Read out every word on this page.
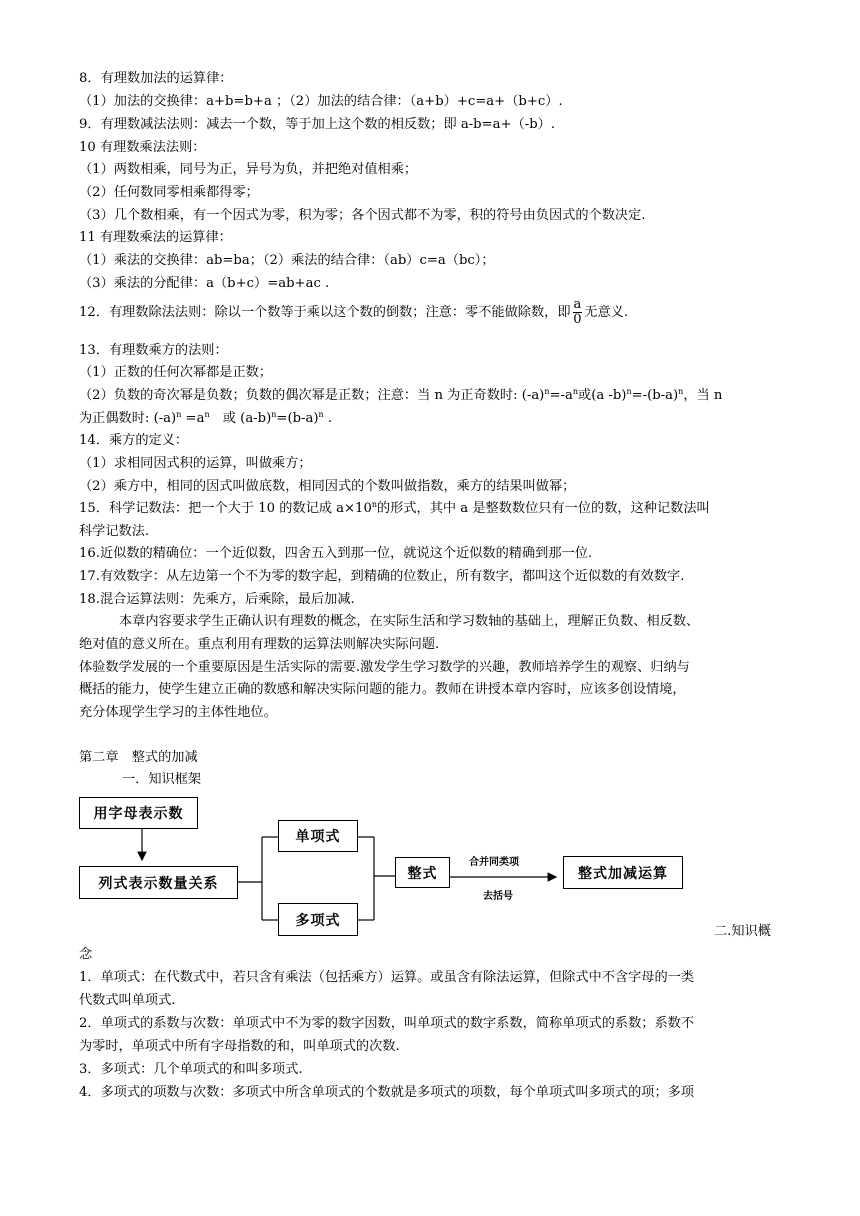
8．有理数加法的运算律：
（1）加法的交换律：a+b=b+a ；（2）加法的结合律：（a+b）+c=a+（b+c）.
9．有理数减法法则：减去一个数，等于加上这个数的相反数；即 a-b=a+（-b）.
10 有理数乘法法则：
（1）两数相乘，同号为正，异号为负，并把绝对值相乘；
（2）任何数同零相乘都得零；
（3）几个数相乘，有一个因式为零，积为零；各个因式都不为零，积的符号由负因式的个数决定.
11 有理数乘法的运算律：
（1）乘法的交换律：ab=ba；（2）乘法的结合律：（ab）c=a（bc）；
（3）乘法的分配律：a（b+c）=ab+ac .
12．有理数除法法则：除以一个数等于乘以这个数的倒数；注意：零不能做除数，即 $\frac{a}{0}$ 无意义.
13．有理数乘方的法则：
（1）正数的任何次幂都是正数；
（2）负数的奇次幂是负数；负数的偶次幂是正数；注意：当 n 为正奇数时: $(-a)^n=-a^n$或(a $-b)^n=-(b-a)^n$，当 n
为正偶数时: $(-a)^n =a^n$　或 $(a-b)^n=(b-a)^n$ .
14．乘方的定义：
（1）求相同因式积的运算，叫做乘方；
（2）乘方中，相同的因式叫做底数，相同因式的个数叫做指数，乘方的结果叫做幂；
15．科学记数法：把一个大于 10 的数记成 $a\times 10^n$的形式，其中 a 是整数数位只有一位的数，这种记数法叫
科学记数法.
16.近似数的精确位：一个近似数，四舍五入到那一位，就说这个近似数的精确到那一位.
17.有效数字：从左边第一个不为零的数字起，到精确的位数止，所有数字，都叫这个近似数的有效数字.
18.混合运算法则：先乘方，后乘除，最后加减.
本章内容要求学生正确认识有理数的概念，在实际生活和学习数轴的基础上，理解正负数、相反数、
绝对值的意义所在。重点利用有理数的运算法则解决实际问题.
体验数学发展的一个重要原因是生活实际的需要.激发学生学习数学的兴趣，教师培养学生的观察、归纳与
概括的能力，使学生建立正确的数感和解决实际问题的能力。教师在讲授本章内容时，应该多创设情境，
充分体现学生学习的主体性地位。
第二章　整式的加减
一．知识框架
用字母表示数
列式表示数量关系
单项式
多项式
整式	整式加减运算
合并同类项
去括号
二.知识概
念
1．单项式：在代数式中，若只含有乘法（包括乘方）运算。或虽含有除法运算，但除式中不含字母的一类
代数式叫单项式.
2．单项式的系数与次数：单项式中不为零的数字因数，叫单项式的数字系数，简称单项式的系数；系数不
为零时，单项式中所有字母指数的和，叫单项式的次数.
3．多项式：几个单项式的和叫多项式.
4．多项式的项数与次数：多项式中所含单项式的个数就是多项式的项数，每个单项式叫多项式的项；多项
